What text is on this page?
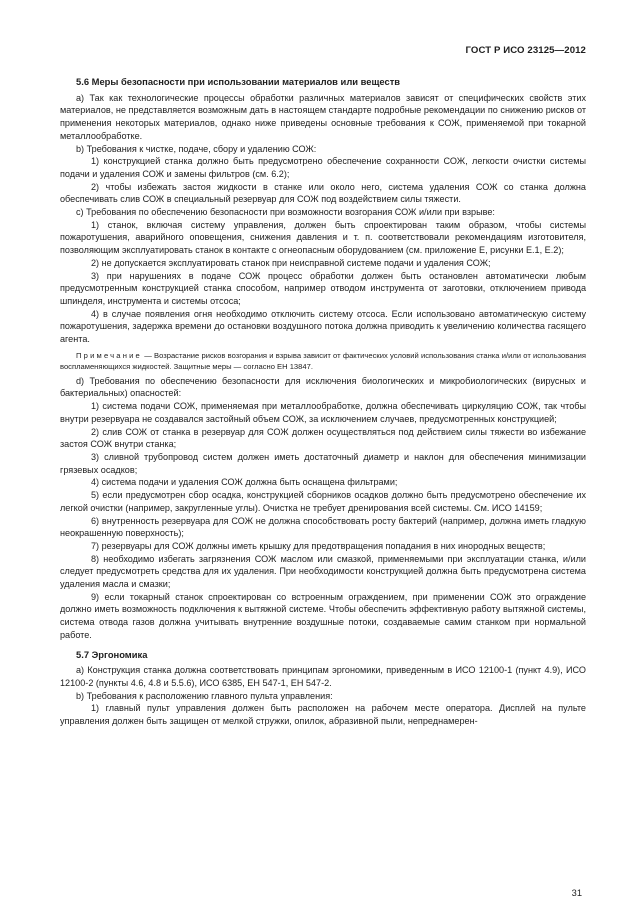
ГОСТ Р ИСО 23125—2012

5.6 Меры безопасности при использовании материалов или веществ

a) Так как технологические процессы обработки различных материалов зависят от специфических свойств этих материалов, не представляется возможным дать в настоящем стандарте подробные рекомендации по снижению рисков от применения некоторых материалов, однако ниже приведены основные требования к СОЖ, применяемой при токарной металлообработке.

b) Требования к чистке, подаче, сбору и удалению СОЖ:

1) конструкцией станка должно быть предусмотрено обеспечение сохранности СОЖ, легкости очистки системы подачи и удаления СОЖ и замены фильтров (см. 6.2);

2) чтобы избежать застоя жидкости в станке или около него, система удаления СОЖ со станка должна обеспечивать слив СОЖ в специальный резервуар для СОЖ под воздействием силы тяжести.

c) Требования по обеспечению безопасности при возможности возгорания СОЖ и/или при взрыве:

1) станок, включая систему управления, должен быть спроектирован таким образом, чтобы системы пожаротушения, аварийного оповещения, снижения давления и т. п. соответствовали рекомендациям изготовителя, позволяющим эксплуатировать станок в контакте с огнеопасным оборудованием (см. приложение E, рисунки E.1, E.2);

2) не допускается эксплуатировать станок при неисправной системе подачи и удаления СОЖ;

3) при нарушениях в подаче СОЖ процесс обработки должен быть остановлен автоматически любым предусмотренным конструкцией станка способом, например отводом инструмента от заготовки, отключением привода шпинделя, инструмента и системы отсоса;

4) в случае появления огня необходимо отключить систему отсоса. Если использовано автоматическую систему пожаротушения, задержка времени до остановки воздушного потока должна приводить к увеличению количества гасящего агента.

Примечание — Возрастание рисков возгорания и взрыва зависит от фактических условий использования станка и/или от использования воспламеняющихся жидкостей. Защитные меры — согласно EH 13847.

d) Требования по обеспечению безопасности для исключения биологических и микробиологических (вирусных и бактериальных) опасностей:

1) система подачи СОЖ, применяемая при металлообработке, должна обеспечивать циркуляцию СОЖ, так чтобы внутри резервуара не создавался застойный объем СОЖ, за исключением случаев, предусмотренных конструкцией;

2) слив СОЖ от станка в резервуар для СОЖ должен осуществляться под действием силы тяжести во избежание застоя СОЖ внутри станка;

3) сливной трубопровод систем должен иметь достаточный диаметр и наклон для обеспечения минимизации грязевых осадков;

4) система подачи и удаления СОЖ должна быть оснащена фильтрами;

5) если предусмотрен сбор осадка, конструкцией сборников осадков должно быть предусмотрено обеспечение их легкой очистки (например, закругленные углы). Очистка не требует дренирования всей системы. См. ИСО 14159;

6) внутренность резервуара для СОЖ не должна способствовать росту бактерий (например, должна иметь гладкую неокрашенную поверхность);

7) резервуары для СОЖ должны иметь крышку для предотвращения попадания в них инородных веществ;

8) необходимо избегать загрязнения СОЖ маслом или смазкой, применяемыми при эксплуатации станка, и/или следует предусмотреть средства для их удаления. При необходимости конструкцией должна быть предусмотрена система удаления масла и смазки;

9) если токарный станок спроектирован со встроенным ограждением, при применении СОЖ это ограждение должно иметь возможность подключения к вытяжной системе. Чтобы обеспечить эффективную работу вытяжной системы, система отвода газов должна учитывать внутренние воздушные потоки, создаваемые самим станком при нормальной работе.

5.7 Эргономика

a) Конструкция станка должна соответствовать принципам эргономики, приведенным в ИСО 12100-1 (пункт 4.9), ИСО 12100-2 (пункты 4.6, 4.8 и 5.5.6), ИСО 6385, EH 547-1, EH 547-2.

b) Требования к расположению главного пульта управления:

1) главный пульт управления должен быть расположен на рабочем месте оператора. Дисплей на пульте управления должен быть защищен от мелкой стружки, опилок, абразивной пыли, непреднамерен-

31
